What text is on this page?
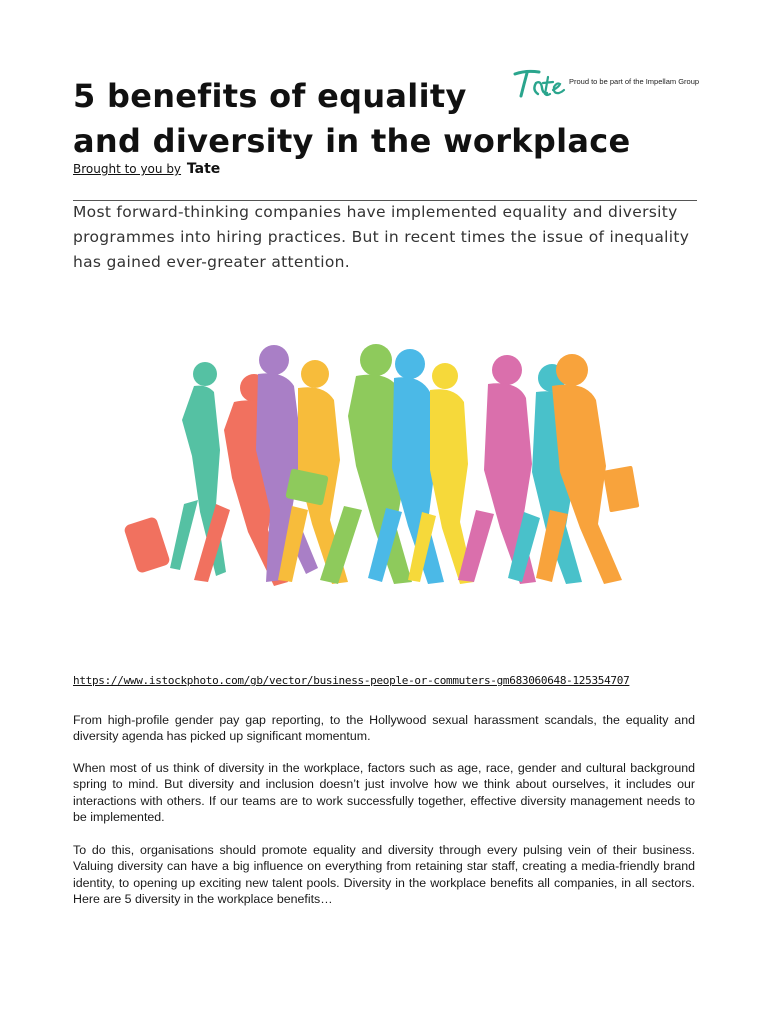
5 benefits of equality
and diversity in the workplace
Proud to be part of the Impellam Group
Brought to you by Tate

Most forward-thinking companies have implemented equality and diversity programmes into hiring practices. But in recent times the issue of inequality has gained ever-greater attention.

https://www.istockphoto.com/gb/vector/business-people-or-commuters-gm683060648-125354707

From high-profile gender pay gap reporting, to the Hollywood sexual harassment scandals, the equality and diversity agenda has picked up significant momentum.

When most of us think of diversity in the workplace, factors such as age, race, gender and cultural background spring to mind. But diversity and inclusion doesn’t just involve how we think about ourselves, it includes our interactions with others. If our teams are to work successfully together, effective diversity management needs to be implemented.

To do this, organisations should promote equality and diversity through every pulsing vein of their business. Valuing diversity can have a big influence on everything from retaining star staff, creating a media-friendly brand identity, to opening up exciting new talent pools. Diversity in the workplace benefits all companies, in all sectors. Here are 5 diversity in the workplace benefits…
